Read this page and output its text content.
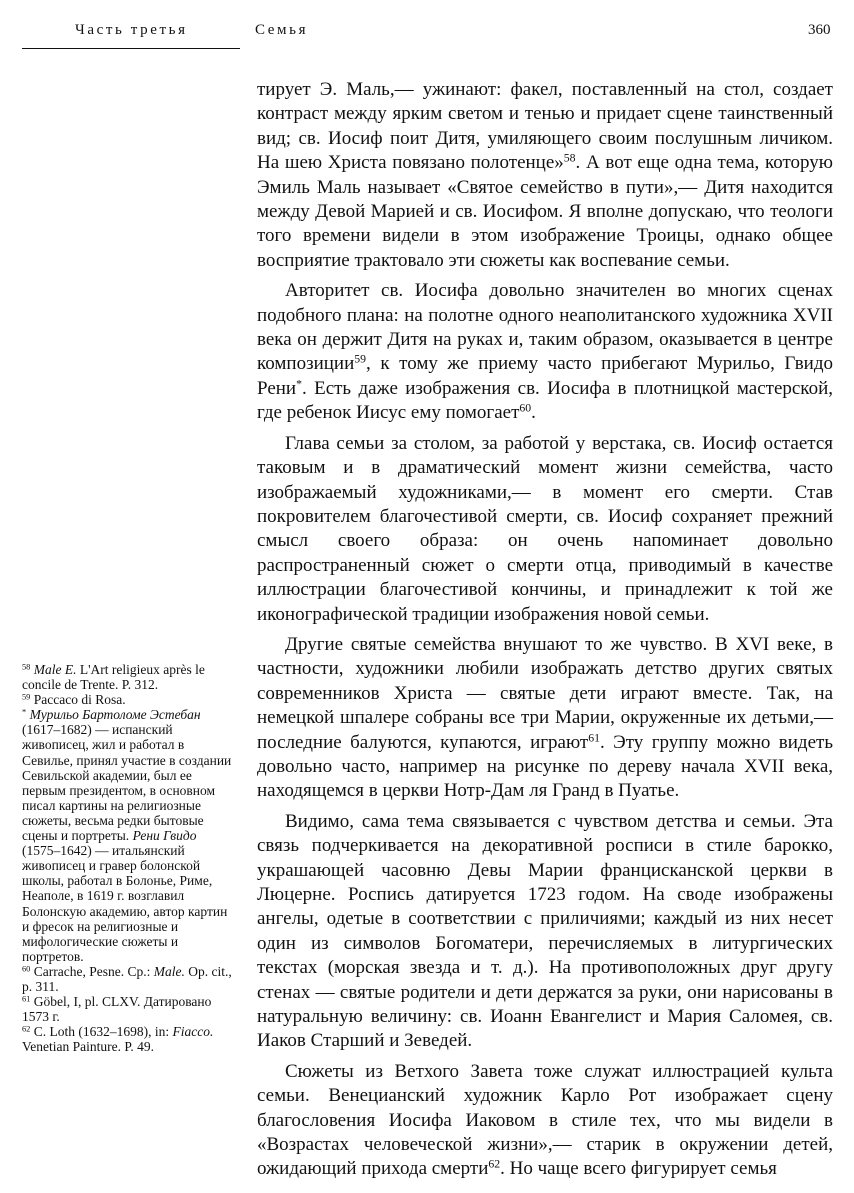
Часть третья	Семья	360

тирует Э. Маль,— ужинают: факел, поставленный на стол, создает контраст между ярким светом и тенью и придает сцене таинственный вид; св. Иосиф поит Дитя, умиляющего своим послушным личиком. На шею Христа повязано полотенце»$^{58}$. А вот еще одна тема, которую Эмиль Маль называет «Святое семейство в пути»,— Дитя находится между Девой Марией и св. Иосифом. Я вполне допускаю, что теологи того времени видели в этом изображение Троицы, однако общее восприятие трактовало эти сюжеты как воспевание семьи.

Авторитет св. Иосифа довольно значителен во многих сценах подобного плана: на полотне одного неаполитанского художника XVII века он держит Дитя на руках и, таким образом, оказывается в центре композиции$^{59}$, к тому же приему часто прибегают Мурильо, Гвидо Рени*. Есть даже изображения св. Иосифа в плотницкой мастерской, где ребенок Иисус ему помогает$^{60}$.

Глава семьи за столом, за работой у верстака, св. Иосиф остается таковым и в драматический момент жизни семейства, часто изображаемый художниками,— в момент его смерти. Став покровителем благочестивой смерти, св. Иосиф сохраняет прежний смысл своего образа: он очень напоминает довольно распространенный сюжет о смерти отца, приводимый в качестве иллюстрации благочестивой кончины, и принадлежит к той же иконографической традиции изображения новой семьи.

Другие святые семейства внушают то же чувство. В XVI веке, в частности, художники любили изображать детство других святых современников Христа — святые дети играют вместе. Так, на немецкой шпалере собраны все три Марии, окруженные их детьми,— последние балуются, купаются, играют$^{61}$. Эту группу можно видеть довольно часто, например на рисунке по дереву начала XVII века, находящемся в церкви Нотр-Дам ля Гранд в Пуатье.

Видимо, сама тема связывается с чувством детства и семьи. Эта связь подчеркивается на декоративной росписи в стиле барокко, украшающей часовню Девы Марии францисканской церкви в Люцерне. Роспись датируется 1723 годом. На своде изображены ангелы, одетые в соответствии с приличиями; каждый из них несет один из символов Богоматери, перечисляемых в литургических текстах (морская звезда и т. д.). На противоположных друг другу стенах — святые родители и дети держатся за руки, они нарисованы в натуральную величину: св. Иоанн Евангелист и Мария Саломея, св. Иаков Старший и Зеведей.

Сюжеты из Ветхого Завета тоже служат иллюстрацией культа семьи. Венецианский художник Карло Рот изображает сцену благословения Иосифа Иаковом в стиле тех, что мы видели в «Возрастах человеческой жизни»,— старик в окружении детей, ожидающий прихода смерти$^{62}$. Но чаще всего фигурирует семья

$^{58}$ Male E. L'Art religieux après le concile de Trente. P. 312.
$^{59}$ Paccaco di Rosa.
* Мурильо Бартоломе Эстебан (1617–1682) — испанский живописец, жил и работал в Севилье, принял участие в создании Севильской академии, был ее первым президентом, в основном писал картины на религиозные сюжеты, весьма редки бытовые сцены и портреты. Рени Гвидо (1575–1642) — итальянский живописец и гравер болонской школы, работал в Болонье, Риме, Неаполе, в 1619 г. возглавил Болонскую академию, автор картин и фресок на религиозные и мифологические сюжеты и портретов.
$^{60}$ Carrache, Pesne. Cp.: Male. Op. cit., p. 311.
$^{61}$ Göbel, I, pl. CLXV. Датировано 1573 г.
$^{62}$ C. Loth (1632–1698), in: Fiacco. Venetian Painture. P. 49.
